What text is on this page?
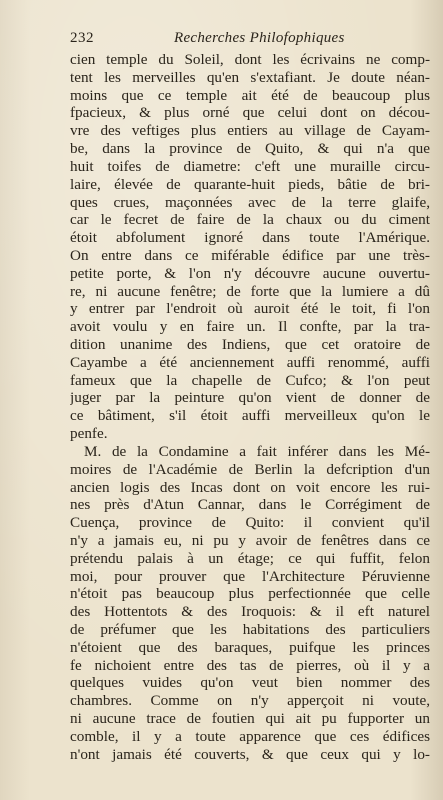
232	Recherches Philofophiques
cien temple du Soleil, dont les écrivains ne comp-
tent les merveilles qu'en s'extafiant. Je doute néan-
moins que ce temple ait été de beaucoup plus
fpacieux, & plus orné que celui dont on décou-
vre des veftiges plus entiers au village de Cayam-
be, dans la province de Quito, & qui n'a que
huit toifes de diametre: c'eft une muraille circu-
laire, élevée de quarante-huit pieds, bâtie de bri-
ques crues, maçonnées avec de la terre glaife,
car le fecret de faire de la chaux ou du ciment
étoit abfolument ignoré dans toute l'Amérique.
On entre dans ce miférable édifice par une très-
petite porte, & l'on n'y découvre aucune ouvertu-
re, ni aucune fenêtre; de forte que la lumiere a dû
y entrer par l'endroit où auroit été le toit, fi l'on
avoit voulu y en faire un. Il confte, par la tra-
dition unanime des Indiens, que cet oratoire de
Cayambe a été anciennement auffi renommé, auffi
fameux que la chapelle de Cufco; & l'on peut
juger par la peinture qu'on vient de donner de
ce bâtiment, s'il étoit auffi merveilleux qu'on le
penfe.
M. de la Condamine a fait inférer dans les Mé-
moires de l'Académie de Berlin la defcription d'un
ancien logis des Incas dont on voit encore les rui-
nes près d'Atun Cannar, dans le Corrégiment de
Cuença, province de Quito: il convient qu'il
n'y a jamais eu, ni pu y avoir de fenêtres dans ce
prétendu palais à un étage; ce qui fuffit, felon
moi, pour prouver que l'Architecture Péruvienne
n'étoit pas beaucoup plus perfectionnée que celle
des Hottentots & des Iroquois: & il eft naturel
de préfumer que les habitations des particuliers
n'étoient que des baraques, puifque les princes
fe nichoient entre des tas de pierres, où il y a
quelques vuides qu'on veut bien nommer des
chambres. Comme on n'y apperçoit ni voute,
ni aucune trace de foutien qui ait pu fupporter un
comble, il y a toute apparence que ces édifices
n'ont jamais été couverts, & que ceux qui y lo-
